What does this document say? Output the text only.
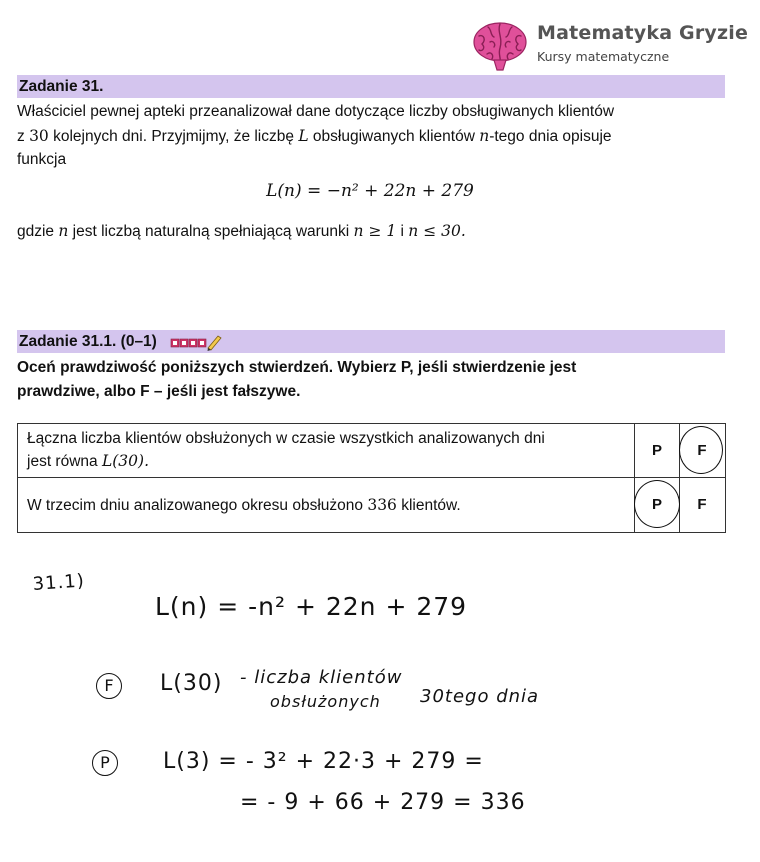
Matematyka Gryzie
Kursy matematyczne
Zadanie 31.
Właściciel pewnej apteki przeanalizował dane dotyczące liczby obsługiwanych klientów
z 30 kolejnych dni. Przyjmijmy, że liczbę L obsługiwanych klientów n-tego dnia opisuje
funkcja
L(n) = −n² + 22n + 279
gdzie n jest liczbą naturalną spełniającą warunki n ≥ 1 i n ≤ 30.
Zadanie 31.1. (0–1)
Oceń prawdziwość poniższych stwierdzeń. Wybierz P, jeśli stwierdzenie jest
prawdziwe, albo F – jeśli jest fałszywe.
Łączna liczba klientów obsłużonych w czasie wszystkich analizowanych dni
jest równa L(30).
P	F
W trzecim dniu analizowanego okresu obsłużono 336 klientów.	P	F
31.1)
L(n) = -n² + 22n + 279
F	L(30) - liczba klientów
obsłużonych 30tego dnia
P	L(3) = - 3² + 22·3 + 279 =
= - 9 + 66 + 279 = 336
